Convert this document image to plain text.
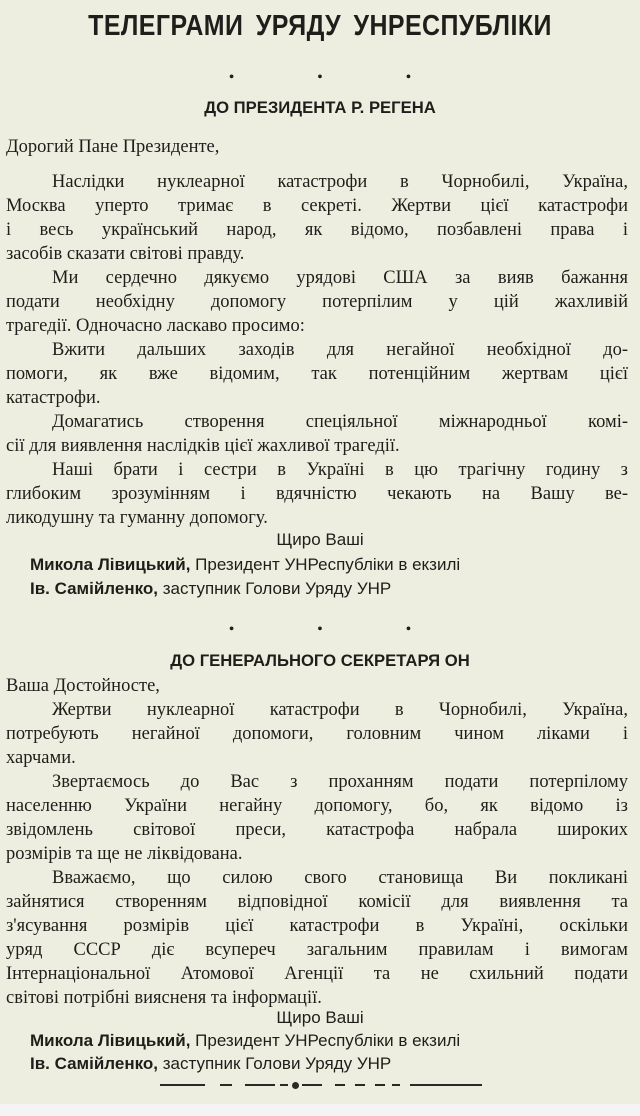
ТЕЛЕГРАМИ УРЯДУ УНРЕСПУБЛІКИ
• • •
ДО ПРЕЗИДЕНТА Р. РЕГЕНА
Дорогий Пане Президенте,
Наслідки нуклеарної катастрофи в Чорнобилі, Україна,
Москва уперто тримає в секреті. Жертви цієї катастрофи
і весь український народ, як відомо, позбавлені права і
засобів сказати світові правду.
Ми сердечно дякуємо урядові США за вияв бажання
подати необхідну допомогу потерпілим у цій жахливій
трагедії. Одночасно ласкаво просимо:
Вжити дальших заходів для негайної необхідної до-
помоги, як вже відомим, так потенційним жертвам цієї
катастрофи.
Домагатись створення спеціяльної міжнародньої комі-
сії для виявлення наслідків цієї жахливої трагедії.
Наші брати і сестри в Україні в цю трагічну годину з
глибоким зрозумінням і вдячністю чекають на Вашу ве-
ликодушну та гуманну допомогу.
Щиро Ваші
Микола Лівицький, Президент УНРеспубліки в екзилі
Ів. Самійленко, заступник Голови Уряду УНР
• • •
ДО ГЕНЕРАЛЬНОГО СЕКРЕТАРЯ ОН
Ваша Достойносте,
Жертви нуклеарної катастрофи в Чорнобилі, Україна,
потребують негайної допомоги, головним чином ліками і
харчами.
Звертаємось до Вас з проханням подати потерпілому
населенню України негайну допомогу, бо, як відомо із
звідомлень світової преси, катастрофа набрала широких
розмірів та ще не ліквідована.
Вважаємо, що силою свого становища Ви покликані
зайнятися створенням відповідної комісії для виявлення та
з'ясування розмірів цієї катастрофи в Україні, оскільки
уряд СССР діє всупереч загальним правилам і вимогам
Інтернаціональної Атомової Агенції та не схильний подати
світові потрібні виясненя та інформації.
Щиро Ваші
Микола Лівицький, Президент УНРеспубліки в екзилі
Ів. Самійленко, заступник Голови Уряду УНР
